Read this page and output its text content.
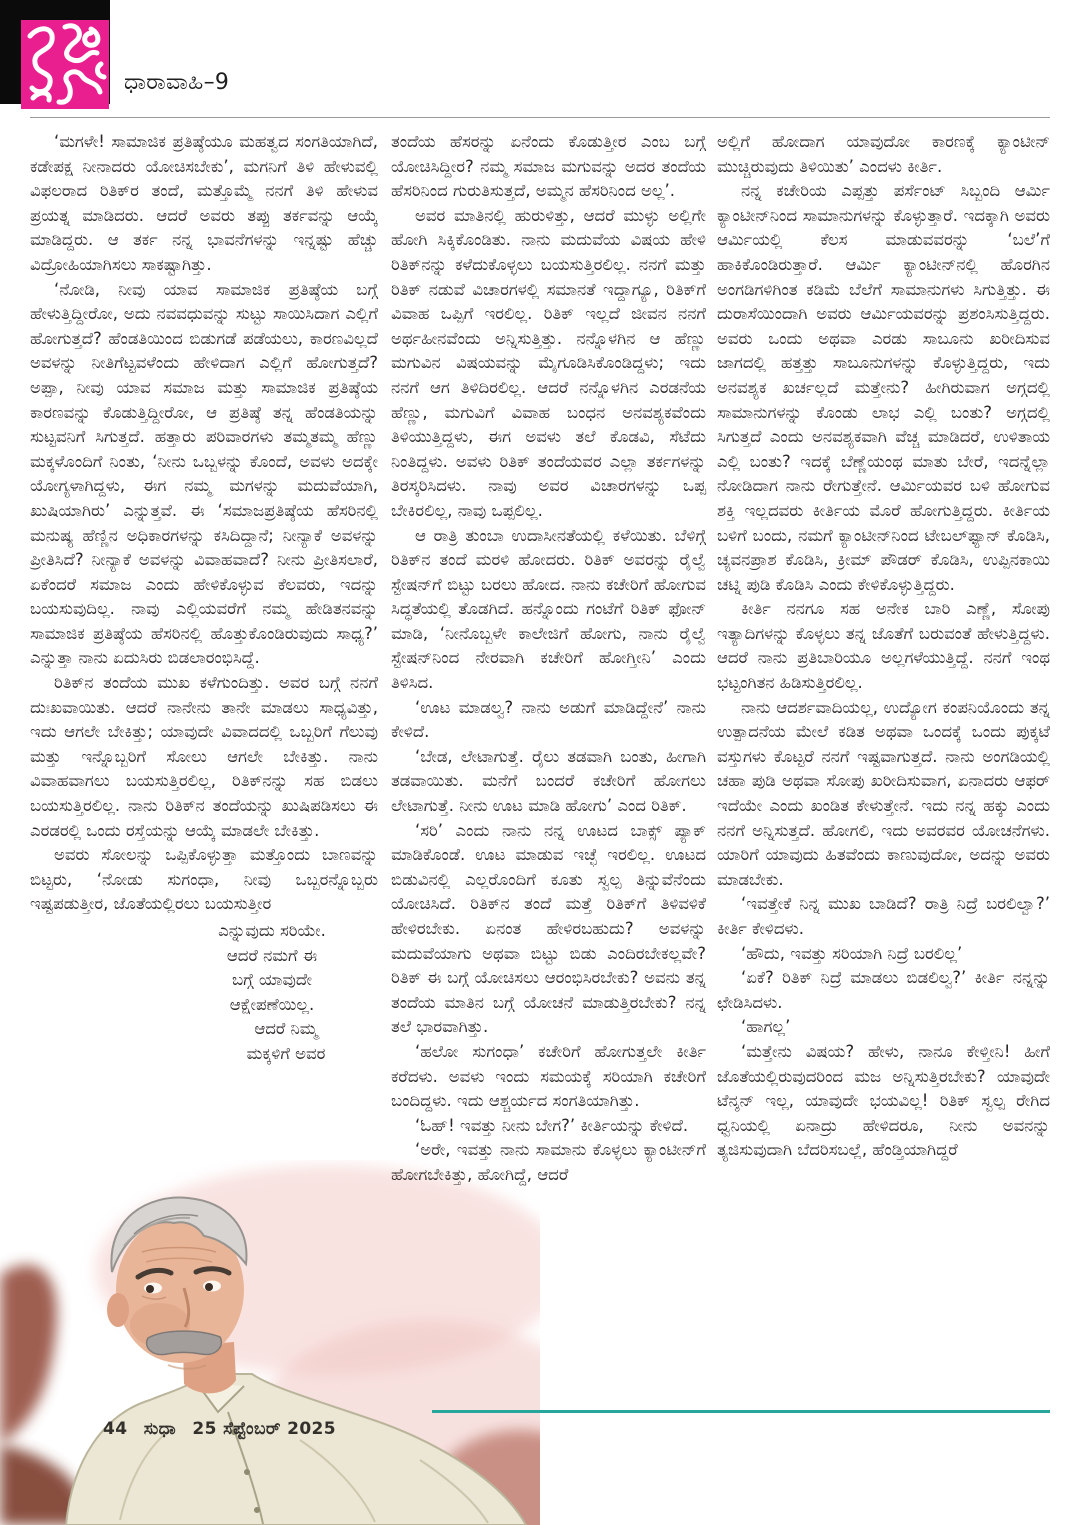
ಧಾರಾವಾಹಿ–9

‘ಮಗಳೇ! ಸಾಮಾಜಿಕ ಪ್ರತಿಷ್ಠೆಯೂ ಮಹತ್ವದ ಸಂಗತಿಯಾಗಿದೆ, ಕಡೇಪಕ್ಷ ನೀನಾದರು ಯೋಚಿಸಬೇಕು’, ಮಗನಿಗೆ ತಿಳಿ ಹೇಳುವಲ್ಲಿ ವಿಫಲರಾದ ರಿತಿಕ್‌ರ ತಂದೆ, ಮತ್ತೊಮ್ಮೆ ನನಗೆ ತಿಳಿ ಹೇಳುವ ಪ್ರಯತ್ನ ಮಾಡಿದರು. ಆದರೆ ಅವರು ತಪ್ಪು ತರ್ಕವನ್ನು ಆಯ್ಕೆ ಮಾಡಿದ್ದರು. ಆ ತರ್ಕ ನನ್ನ ಭಾವನೆಗಳನ್ನು ಇನ್ನಷ್ಟು ಹೆಚ್ಚು ವಿದ್ರೋಹಿಯಾಗಿಸಲು ಸಾಕಷ್ಟಾಗಿತ್ತು.

‘ನೋಡಿ, ನೀವು ಯಾವ ಸಾಮಾಜಿಕ ಪ್ರತಿಷ್ಠೆಯ ಬಗ್ಗೆ ಹೇಳುತ್ತಿದ್ದೀರೋ, ಅದು ನವವಧುವನ್ನು ಸುಟ್ಟು ಸಾಯಿಸಿದಾಗ ಎಲ್ಲಿಗೆ ಹೋಗುತ್ತದೆ? ಹೆಂಡತಿಯಿಂದ ಬಿಡುಗಡೆ ಪಡೆಯಲು, ಕಾರಣವಿಲ್ಲದೆ ಅವಳನ್ನು ನೀತಿಗೆಟ್ಟವಳೆಂದು ಹೇಳಿದಾಗ ಎಲ್ಲಿಗೆ ಹೋಗುತ್ತದೆ? ಅಪ್ಪಾ, ನೀವು ಯಾವ ಸಮಾಜ ಮತ್ತು ಸಾಮಾಜಿಕ ಪ್ರತಿಷ್ಠೆಯ ಕಾರಣವನ್ನು ಕೊಡುತ್ತಿದ್ದೀರೋ, ಆ ಪ್ರತಿಷ್ಠೆ ತನ್ನ ಹೆಂಡತಿಯನ್ನು ಸುಟ್ಟವನಿಗೆ ಸಿಗುತ್ತದೆ. ಹತ್ತಾರು ಪರಿವಾರಗಳು ತಮ್ಮತಮ್ಮ ಹೆಣ್ಣು ಮಕ್ಕಳೊಂದಿಗೆ ನಿಂತು, ‘ನೀನು ಒಬ್ಬಳನ್ನು ಕೊಂದೆ, ಅವಳು ಅದಕ್ಕೇ ಯೋಗ್ಯಳಾಗಿದ್ದಳು, ಈಗ ನಮ್ಮ ಮಗಳನ್ನು ಮದುವೆಯಾಗಿ, ಖುಷಿಯಾಗಿರು’ ಎನ್ನುತ್ತವೆ. ಈ ‘ಸಮಾಜಪ್ರತಿಷ್ಠೆಯ ಹೆಸರಿನಲ್ಲಿ ಮನುಷ್ಯ ಹೆಣ್ಣಿನ ಅಧಿಕಾರಗಳನ್ನು ಕಸಿದಿದ್ದಾನೆ; ನೀನ್ಯಾಕೆ ಅವಳನ್ನು ಪ್ರೀತಿಸಿದೆ? ನೀನ್ಯಾಕೆ ಅವಳನ್ನು ವಿವಾಹವಾದೆ? ನೀನು ಪ್ರೀತಿಸಲಾರೆ, ಏಕೆಂದರೆ ಸಮಾಜ ಎಂದು ಹೇಳಿಕೊಳ್ಳುವ ಕೆಲವರು, ಇದನ್ನು ಬಯಸುವುದಿಲ್ಲ. ನಾವು ಎಲ್ಲಿಯವರೆಗೆ ನಮ್ಮ ಹೇಡಿತನವನ್ನು ಸಾಮಾಜಿಕ ಪ್ರತಿಷ್ಠೆಯ ಹೆಸರಿನಲ್ಲಿ ಹೊತ್ತುಕೊಂಡಿರುವುದು ಸಾಧ್ಯ?’ ಎನ್ನುತ್ತಾ ನಾನು ಏದುಸಿರು ಬಿಡಲಾರಂಭಿಸಿದ್ದೆ.

ರಿತಿಕ್‌ನ ತಂದೆಯ ಮುಖ ಕಳೆಗುಂದಿತ್ತು. ಅವರ ಬಗ್ಗೆ ನನಗೆ ದುಃಖವಾಯಿತು. ಆದರೆ ನಾನೇನು ತಾನೇ ಮಾಡಲು ಸಾಧ್ಯವಿತ್ತು, ಇದು ಆಗಲೇ ಬೇಕಿತ್ತು; ಯಾವುದೇ ವಿವಾದದಲ್ಲಿ ಒಬ್ಬರಿಗೆ ಗೆಲುವು ಮತ್ತು ಇನ್ನೊಬ್ಬರಿಗೆ ಸೋಲು ಆಗಲೇ ಬೇಕಿತ್ತು. ನಾನು ವಿವಾಹವಾಗಲು ಬಯಸುತ್ತಿರಲಿಲ್ಲ, ರಿತಿಕ್‌ನನ್ನು ಸಹ ಬಿಡಲು ಬಯಸುತ್ತಿರಲಿಲ್ಲ. ನಾನು ರಿತಿಕ್‌ನ ತಂದೆಯನ್ನು ಖುಷಿಪಡಿಸಲು ಈ ಎರಡರಲ್ಲಿ ಒಂದು ರಸ್ತೆಯನ್ನು ಆಯ್ಕೆ ಮಾಡಲೇ ಬೇಕಿತ್ತು.

ಅವರು ಸೋಲನ್ನು ಒಪ್ಪಿಕೊಳ್ಳುತ್ತಾ ಮತ್ತೊಂದು ಬಾಣವನ್ನು ಬಿಟ್ಟರು, ‘ನೋಡು ಸುಗಂಧಾ, ನೀವು ಒಬ್ಬರನ್ನೊಬ್ಬರು ಇಷ್ಟಪಡುತ್ತೀರ, ಜೊತೆಯಲ್ಲಿರಲು ಬಯಸುತ್ತೀರ

ಎನ್ನುವುದು ಸರಿಯೇ.
ಆದರೆ ನಮಗೆ ಈ
ಬಗ್ಗೆ ಯಾವುದೇ
ಆಕ್ಷೇಪಣೆಯಿಲ್ಲ.
ಆದರೆ ನಿಮ್ಮ
ಮಕ್ಕಳಿಗೆ ಅವರ

ತಂದೆಯ ಹೆಸರನ್ನು ಏನೆಂದು ಕೊಡುತ್ತೀರ ಎಂಬ ಬಗ್ಗೆ ಯೋಚಿಸಿದ್ದೀರ? ನಮ್ಮ ಸಮಾಜ ಮಗುವನ್ನು ಅದರ ತಂದೆಯ ಹೆಸರಿನಿಂದ ಗುರುತಿಸುತ್ತದೆ, ಅಮ್ಮನ ಹೆಸರಿನಿಂದ ಅಲ್ಲ’.

ಅವರ ಮಾತಿನಲ್ಲಿ ಹುರುಳಿತ್ತು, ಆದರೆ ಮುಳ್ಳು ಅಲ್ಲಿಗೇ ಹೋಗಿ ಸಿಕ್ಕಿಕೊಂಡಿತು. ನಾನು ಮದುವೆಯ ವಿಷಯ ಹೇಳಿ ರಿತಿಕ್‌ನನ್ನು ಕಳೆದುಕೊಳ್ಳಲು ಬಯಸುತ್ತಿರಲಿಲ್ಲ. ನನಗೆ ಮತ್ತು ರಿತಿಕ್ ನಡುವೆ ವಿಚಾರಗಳಲ್ಲಿ ಸಮಾನತೆ ಇದ್ದಾಗ್ಯೂ, ರಿತಿಕ್‌ಗೆ ವಿವಾಹ ಒಪ್ಪಿಗೆ ಇರಲಿಲ್ಲ. ರಿತಿಕ್ ಇಲ್ಲದೆ ಜೀವನ ನನಗೆ ಅರ್ಥಹೀನವೆಂದು ಅನ್ನಿಸುತ್ತಿತ್ತು. ನನ್ನೊಳಗಿನ ಆ ಹೆಣ್ಣು ಮಗುವಿನ ವಿಷಯವನ್ನು ಮೈಗೂಡಿಸಿಕೊಂಡಿದ್ದಳು; ಇದು ನನಗೆ ಆಗ ತಿಳಿದಿರಲಿಲ್ಲ. ಆದರೆ ನನ್ನೊಳಗಿನ ಎರಡನೆಯ ಹೆಣ್ಣು, ಮಗುವಿಗೆ ವಿವಾಹ ಬಂಧನ ಅನವಶ್ಯಕವೆಂದು ತಿಳಿಯುತ್ತಿದ್ದಳು, ಈಗ ಅವಳು ತಲೆ ಕೊಡವಿ, ಸೆಟೆದು ನಿಂತಿದ್ದಳು. ಅವಳು ರಿತಿಕ್ ತಂದೆಯವರ ಎಲ್ಲಾ ತರ್ಕಗಳನ್ನು ತಿರಸ್ಕರಿಸಿದಳು. ನಾವು ಅವರ ವಿಚಾರಗಳನ್ನು ಒಪ್ಪ ಬೇಕಿರಲಿಲ್ಲ, ನಾವು ಒಪ್ಪಲಿಲ್ಲ.

ಆ ರಾತ್ರಿ ತುಂಬಾ ಉದಾಸೀನತೆಯಲ್ಲಿ ಕಳೆಯಿತು. ಬೆಳಿಗ್ಗೆ ರಿತಿಕ್‌ನ ತಂದೆ ಮರಳಿ ಹೋದರು. ರಿತಿಕ್ ಅವರನ್ನು ರೈಲ್ವೆ ಸ್ಟೇಷನ್‌ಗೆ ಬಿಟ್ಟು ಬರಲು ಹೋದ. ನಾನು ಕಚೇರಿಗೆ ಹೋಗುವ ಸಿದ್ಧತೆಯಲ್ಲಿ ತೊಡಗಿದೆ. ಹನ್ನೊಂದು ಗಂಟೆಗೆ ರಿತಿಕ್ ಫೋನ್ ಮಾಡಿ, ‘ನೀನೊಬ್ಬಳೇ ಕಾಲೇಜಿಗೆ ಹೋಗು, ನಾನು ರೈಲ್ವೆ ಸ್ಟೇಷನ್‌ನಿಂದ ನೇರವಾಗಿ ಕಚೇರಿಗೆ ಹೋಗ್ತೀನಿ’ ಎಂದು ತಿಳಿಸಿದ.

‘ಊಟ ಮಾಡಲ್ವ? ನಾನು ಅಡುಗೆ ಮಾಡಿದ್ದೇನೆ’ ನಾನು ಕೇಳಿದೆ.

‘ಬೇಡ, ಲೇಟಾಗುತ್ತೆ. ರೈಲು ತಡವಾಗಿ ಬಂತು, ಹೀಗಾಗಿ ತಡವಾಯಿತು. ಮನೆಗೆ ಬಂದರೆ ಕಚೇರಿಗೆ ಹೋಗಲು ಲೇಟಾಗುತ್ತೆ. ನೀನು ಊಟ ಮಾಡಿ ಹೋಗು’ ಎಂದ ರಿತಿಕ್.

‘ಸರಿ’ ಎಂದು ನಾನು ನನ್ನ ಊಟದ ಬಾಕ್ಸ್ ಪ್ಯಾಕ್ ಮಾಡಿಕೊಂಡೆ. ಊಟ ಮಾಡುವ ಇಚ್ಛೆ ಇರಲಿಲ್ಲ. ಊಟದ ಬಿಡುವಿನಲ್ಲಿ ಎಲ್ಲರೊಂದಿಗೆ ಕೂತು ಸ್ವಲ್ಪ ತಿನ್ನುವೆನೆಂದು ಯೋಚಿಸಿದೆ. ರಿತಿಕ್‌ನ ತಂದೆ ಮತ್ತೆ ರಿತಿಕ್‌ಗೆ ತಿಳಿವಳಿಕೆ ಹೇಳಿರಬೇಕು. ಏನಂತ ಹೇಳಿರಬಹುದು? ಅವಳನ್ನು ಮದುವೆಯಾಗು ಅಥವಾ ಬಿಟ್ಟು ಬಿಡು ಎಂದಿರಬೇಕಲ್ಲವೇ? ರಿತಿಕ್ ಈ ಬಗ್ಗೆ ಯೋಚಿಸಲು ಆರಂಭಿಸಿರಬೇಕು? ಅವನು ತನ್ನ ತಂದೆಯ ಮಾತಿನ ಬಗ್ಗೆ ಯೋಚನೆ ಮಾಡುತ್ತಿರಬೇಕು? ನನ್ನ ತಲೆ ಭಾರವಾಗಿತ್ತು.

‘ಹಲೋ ಸುಗಂಧಾ’ ಕಚೇರಿಗೆ ಹೋಗುತ್ತಲೇ ಕೀರ್ತಿ ಕರೆದಳು. ಅವಳು ಇಂದು ಸಮಯಕ್ಕೆ ಸರಿಯಾಗಿ ಕಚೇರಿಗೆ ಬಂದಿದ್ದಳು. ಇದು ಆಶ್ಚರ್ಯದ ಸಂಗತಿಯಾಗಿತ್ತು.

‘ಓಹ್! ಇವತ್ತು ನೀನು ಬೇಗ?’ ಕೀರ್ತಿಯನ್ನು ಕೇಳಿದೆ.

‘ಅರೇ, ಇವತ್ತು ನಾನು ಸಾಮಾನು ಕೊಳ್ಳಲು ಕ್ಯಾಂಟೀನ್‌ಗೆ ಹೋಗಬೇಕಿತ್ತು, ಹೋಗಿದ್ದೆ, ಆದರೆ

ಅಲ್ಲಿಗೆ ಹೋದಾಗ ಯಾವುದೋ ಕಾರಣಕ್ಕೆ ಕ್ಯಾಂಟೀನ್ ಮುಚ್ಚಿರುವುದು ತಿಳಿಯಿತು’ ಎಂದಳು ಕೀರ್ತಿ.

ನನ್ನ ಕಚೇರಿಯ ಎಪ್ಪತ್ತು ಪರ್ಸೆಂಟ್ ಸಿಬ್ಬಂದಿ ಆರ್ಮಿ ಕ್ಯಾಂಟೀನ್‌ನಿಂದ ಸಾಮಾನುಗಳನ್ನು ಕೊಳ್ಳುತ್ತಾರೆ. ಇದಕ್ಕಾಗಿ ಅವರು ಆರ್ಮಿಯಲ್ಲಿ ಕೆಲಸ ಮಾಡುವವರನ್ನು ‘ಬಲೆ’ಗೆ ಹಾಕಿಕೊಂಡಿರುತ್ತಾರೆ. ಆರ್ಮಿ ಕ್ಯಾಂಟೀನ್‌ನಲ್ಲಿ ಹೊರಗಿನ ಅಂಗಡಿಗಳಿಗಿಂತ ಕಡಿಮೆ ಬೆಲೆಗೆ ಸಾಮಾನುಗಳು ಸಿಗುತ್ತಿತ್ತು. ಈ ದುರಾಸೆಯಿಂದಾಗಿ ಅವರು ಆರ್ಮಿಯವರನ್ನು ಪ್ರಶಂಸಿಸುತ್ತಿದ್ದರು. ಅವರು ಒಂದು ಅಥವಾ ಎರಡು ಸಾಬೂನು ಖರೀದಿಸುವ ಜಾಗದಲ್ಲಿ ಹತ್ತತ್ತು ಸಾಬೂನುಗಳನ್ನು ಕೊಳ್ಳುತ್ತಿದ್ದರು, ಇದು ಅನವಶ್ಯಕ ಖರ್ಚಲ್ಲದೆ ಮತ್ತೇನು? ಹೀಗಿರುವಾಗ ಅಗ್ಗದಲ್ಲಿ ಸಾಮಾನುಗಳನ್ನು ಕೊಂಡು ಲಾಭ ಎಲ್ಲಿ ಬಂತು? ಅಗ್ಗದಲ್ಲಿ ಸಿಗುತ್ತದೆ ಎಂದು ಅನವಶ್ಯಕವಾಗಿ ವೆಚ್ಚ ಮಾಡಿದರೆ, ಉಳಿತಾಯ ಎಲ್ಲಿ ಬಂತು? ಇದಕ್ಕೆ ಬೆಣ್ಣೆಯಂಥ ಮಾತು ಬೇರೆ, ಇದನ್ನೆಲ್ಲಾ ನೋಡಿದಾಗ ನಾನು ರೇಗುತ್ತೇನೆ. ಆರ್ಮಿಯವರ ಬಳಿ ಹೋಗುವ ಶಕ್ತಿ ಇಲ್ಲದವರು ಕೀರ್ತಿಯ ಮೊರೆ ಹೋಗುತ್ತಿದ್ದರು. ಕೀರ್ತಿಯ ಬಳಿಗೆ ಬಂದು, ನಮಗೆ ಕ್ಯಾಂಟೀನ್‌ನಿಂದ ಟೇಬಲ್‌ಫ್ಯಾನ್ ಕೊಡಿಸಿ, ಚ್ಯವನಪ್ರಾಶ ಕೊಡಿಸಿ, ಕ್ರೀಮ್ ಪೌಡರ್ ಕೊಡಿಸಿ, ಉಪ್ಪಿನಕಾಯಿ ಚಟ್ನಿ ಪುಡಿ ಕೊಡಿಸಿ ಎಂದು ಕೇಳಿಕೊಳ್ಳುತ್ತಿದ್ದರು.

ಕೀರ್ತಿ ನನಗೂ ಸಹ ಅನೇಕ ಬಾರಿ ಎಣ್ಣೆ, ಸೋಪು ಇತ್ಯಾದಿಗಳನ್ನು ಕೊಳ್ಳಲು ತನ್ನ ಜೊತೆಗೆ ಬರುವಂತೆ ಹೇಳುತ್ತಿದ್ದಳು. ಆದರೆ ನಾನು ಪ್ರತಿಬಾರಿಯೂ ಅಲ್ಲಗಳೆಯುತ್ತಿದ್ದೆ. ನನಗೆ ಇಂಥ ಭಟ್ಟಂಗಿತನ ಹಿಡಿಸುತ್ತಿರಲಿಲ್ಲ.

ನಾನು ಆದರ್ಶವಾದಿಯಲ್ಲ, ಉದ್ಯೋಗ ಕಂಪನಿಯೊಂದು ತನ್ನ ಉತ್ಪಾದನೆಯ ಮೇಲೆ ಕಡಿತ ಅಥವಾ ಒಂದಕ್ಕೆ ಒಂದು ಪುಕ್ಕಟೆ ವಸ್ತುಗಳು ಕೊಟ್ಟರೆ ನನಗೆ ಇಷ್ಟವಾಗುತ್ತದೆ. ನಾನು ಅಂಗಡಿಯಲ್ಲಿ ಚಹಾ ಪುಡಿ ಅಥವಾ ಸೋಪು ಖರೀದಿಸುವಾಗ, ಏನಾದರು ಆಫರ್ ಇದೆಯೇ ಎಂದು ಖಂಡಿತ ಕೇಳುತ್ತೇನೆ. ಇದು ನನ್ನ ಹಕ್ಕು ಎಂದು ನನಗೆ ಅನ್ನಿಸುತ್ತದೆ. ಹೋಗಲಿ, ಇದು ಅವರವರ ಯೋಚನೆಗಳು. ಯಾರಿಗೆ ಯಾವುದು ಹಿತವೆಂದು ಕಾಣುವುದೋ, ಅದನ್ನು ಅವರು ಮಾಡಬೇಕು.

‘ಇವತ್ತೇಕೆ ನಿನ್ನ ಮುಖ ಬಾಡಿದೆ? ರಾತ್ರಿ ನಿದ್ರೆ ಬರಲಿಲ್ವಾ?’ ಕೀರ್ತಿ ಕೇಳಿದಳು.

‘ಹೌದು, ಇವತ್ತು ಸರಿಯಾಗಿ ನಿದ್ರೆ ಬರಲಿಲ್ಲ’

‘ಏಕೆ? ರಿತಿಕ್ ನಿದ್ರೆ ಮಾಡಲು ಬಿಡಲಿಲ್ವ?’ ಕೀರ್ತಿ ನನ್ನನ್ನು ಛೇಡಿಸಿದಳು.

‘ಹಾಗಲ್ಲ’

‘ಮತ್ತೇನು ವಿಷಯ? ಹೇಳು, ನಾನೂ ಕೇಳ್ತೀನಿ! ಹೀಗೆ ಜೊತೆಯಲ್ಲಿರುವುದರಿಂದ ಮಜ ಅನ್ನಿಸುತ್ತಿರಬೇಕು? ಯಾವುದೇ ಟೆನ್ಶನ್ ಇಲ್ಲ, ಯಾವುದೇ ಭಯವಿಲ್ಲ! ರಿತಿಕ್ ಸ್ವಲ್ಪ ರೇಗಿದ ಧ್ವನಿಯಲ್ಲಿ ಏನಾದ್ರು ಹೇಳಿದರೂ, ನೀನು ಅವನನ್ನು ತ್ಯಜಿಸುವುದಾಗಿ ಬೆದರಿಸಬಲ್ಲೆ, ಹೆಂಡ್ತಿಯಾಗಿದ್ದರೆ

44 ಸುಧಾ 25 ಸೆಪ್ಟೆಂಬರ್ 2025
